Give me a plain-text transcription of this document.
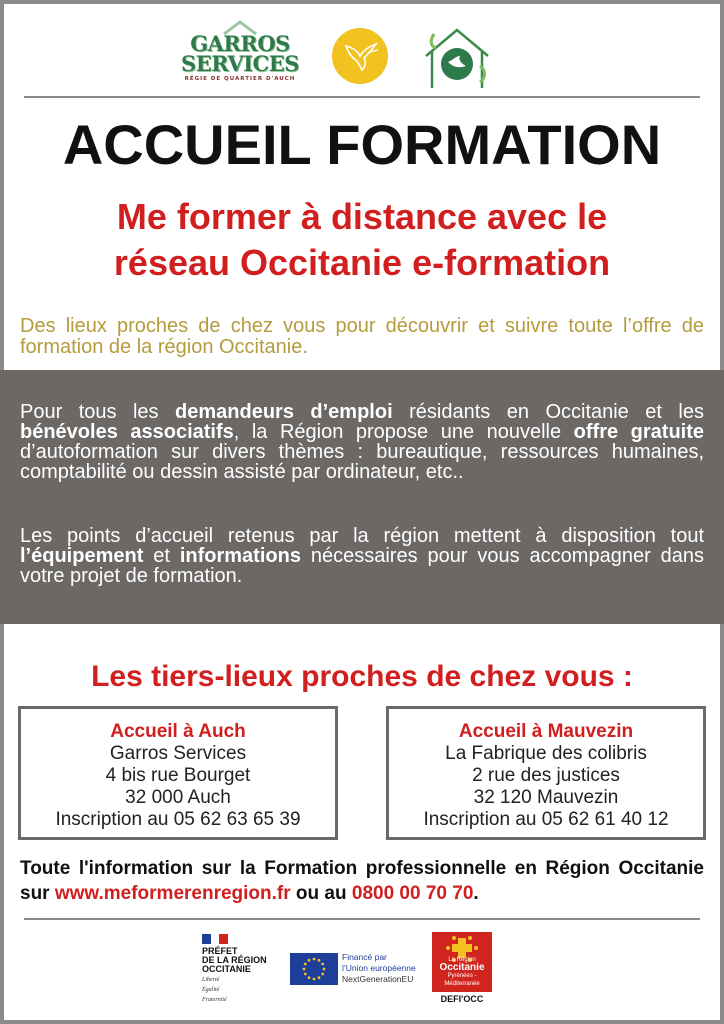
GARROS
SERVICES
RÉGIE DE QUARTIER D'AUCH
ACCUEIL FORMATION
Me former à distance avec le
réseau Occitanie e-formation

Des lieux proches de chez vous pour découvrir et suivre toute l’offre de formation de la région Occitanie.

Pour tous les demandeurs d’emploi résidants en Occitanie et les bénévoles associatifs, la Région propose une nouvelle offre gratuite d’autoformation sur divers thèmes : bureautique, ressources humaines, comptabilité ou dessin assisté par ordinateur, etc..

Les points d’accueil retenus par la région mettent à disposition tout l’équipement et informations nécessaires pour vous accompagner dans votre projet de formation.

Les tiers-lieux proches de chez vous :
Accueil à Auch
Garros Services
4 bis rue Bourget
32 000 Auch
Inscription au 05 62 63 65 39
Accueil à Mauvezin
La Fabrique des colibris
2 rue des justices
32 120 Mauvezin
Inscription au 05 62 61 40 12

Toute l'information sur la Formation professionnelle en Région Occitanie sur www.meformerenregion.fr ou au 0800 00 70 70.

PRÉFET
DE LA RÉGION
OCCITANIE
Liberté
Égalité
Fraternité
Financé par
l’Union européenne
NextGenerationEU
La Région
Occitanie
Pyrénées - Méditerranée
DEFI'OCC
